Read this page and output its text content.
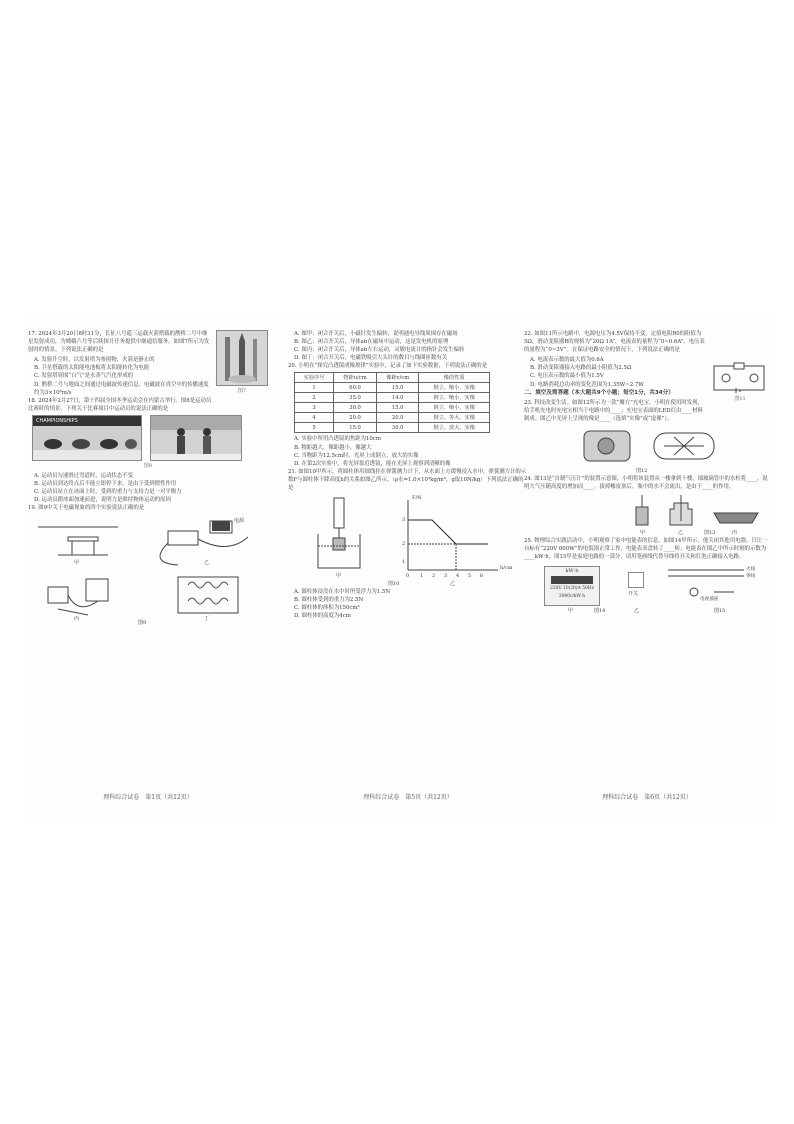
图7

17. 2024年3月20日8时31分，长征八号遥三运载火箭搭载的鹊桥二号中继星发射成功，为嫦娥六号等后续探月任务提供中继通信服务。如图7所示为发射时的情景。下列说法正确的是

A. 发射升空时，以发射塔为参照物，火箭是静止的

B. 卫星搭载的太阳能电池板将太阳能转化为电能

C. 发射塔周围“白气”是水蒸气汽化形成的

D. 鹊桥二号与地面之间通过电磁波传递信息，电磁波在真空中的传播速度约为3×10⁸m/s

18. 2024年2月27日，第十四届全国冬季运动会在内蒙古举行。图8是运动员比赛时的情景，下列关于比赛项目中运动员的说法正确的是

CHAMPIONSHIPS
图8

A. 运动员匀速滑过弯道时，运动状态不变

B. 运动员到达终点后不能立即停下来，是由于受到惯性作用

C. 运动员站立在冰面上时，受到的重力与支持力是一对平衡力

D. 运动员蹬冰面加速前进，说明力是维持物体运动的原因

19. 图9中关于电磁现象的四个实验说法正确的是

甲	乙
丙	丁
电源
图9
理科综合试卷　第1页（共12页）

A. 图甲：闭合开关后，小磁针发生偏转，说明通电导线周围存在磁场

B. 图乙：闭合开关后，导体ab在磁场中运动，这是发电机的原理

C. 图丙：闭合开关后，导体ab左右运动，灵敏电流计的指针会发生偏转

D. 图丁：闭合开关后，电磁铁吸引大头针的数目与线圈匝数有关

20. 小明在“探究凸透镜成像规律”实验中，记录了如下实验数据，下列说法正确的是

实验序号	物距u/cm	像距v/cm	像的性质
1	60.0	15.0	倒立、缩小、实像
2	35.0	14.0	倒立、缩小、实像
3	30.0	15.0	倒立、缩小、实像
4	20.0	20.0	倒立、等大、实像
5	15.0	30.0	倒立、放大、实像

A. 实验中所用凸透镜的焦距为10cm

B. 物距越大，像距越小，像越大

C. 当物距为12.5cm时，光屏上成倒立、放大的实像

D. 在第2次实验中，将光屏靠近透镜，能在光屏上观察到清晰的像

21. 如图10甲所示，将圆柱体用细线挂在弹簧测力计下，从水面上方缓慢浸入水中，弹簧测力计的示数F与圆柱体下降高度h的关系如图乙所示。（ρ水=1.0×10³kg/m³，g取10N/kg）下列说法正确的是

F/N
h/cm
1
2
3
0 1 2 3 4 5 6
甲
乙
图10

A. 圆柱体浸没在水中时所受浮力为1.5N

B. 圆柱体受到的重力为2.5N

C. 圆柱体的体积为150cm³

D. 圆柱体的高度为4cm

理科综合试卷　第5页（共12页）
图11

22. 如图11所示电路中，电源电压为4.5V保持不变，定值电阻R0的阻值为5Ω，滑动变阻器R的规格为“20Ω 1A”，电流表的量程为“0~0.6A”，电压表的量程为“0~3V”。在保证电路安全的情况下，下列说法正确的是

A. 电流表示数的最大值为0.6A

B. 滑动变阻器接入电路的最小阻值为2.5Ω

C. 电压表示数的最小值为1.5V

D. 电路消耗总功率的变化范围为1.35W~2.7W

二、填空及简答题（本大题共9个小题；每空1分，共34分）

23. 科技改变生活。如图12所示为一款“魔方”充电宝，小明在使用时发现，给手机充电时充电宝相当于电路中的____；充电宝表面的LED灯由____材料制成。图乙中光屏上呈现的像是____（选填“实像”或“虚像”）。

图12

24. 图13是“自制气压计”的装置示意图，小明将该装置从一楼拿到十楼，细玻璃管中的水柱将____，说明大气压随高度的增加而____。拔掉橡皮塞后，瓶中的水不会流出，是由于____的作用。

甲	乙	丙
图13

25. 物理综合实践活动中，小明观察了家中电能表的信息，如图14甲所示。他关闭其他用电器，只让一台标有“220V 600W”的电饭锅正常工作，电能表表盘转了____转；电能表在图乙中所示时刻的示数为____kW·h。图15甲是家庭电路的一部分，请用笔画线代替导线将开关和灯泡正确接入电路。

kW·h
220V 10(20)A 50Hz
3000r/kW·h	开关
火线
零线
电视插座
甲	乙
图14	图15
理科综合试卷　第6页（共12页）
